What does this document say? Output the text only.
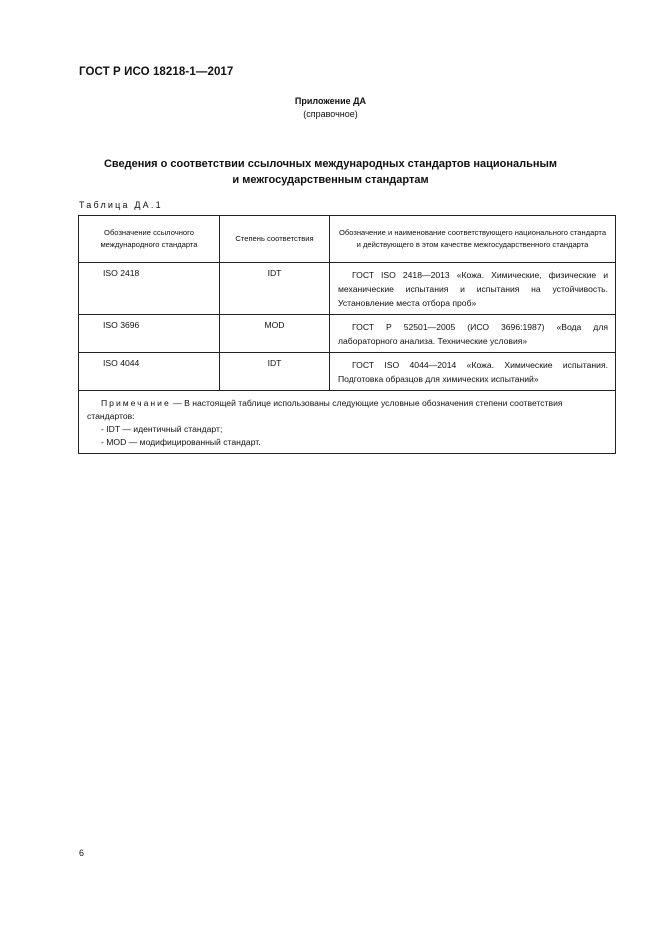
ГОСТ Р ИСО 18218-1—2017
Приложение ДА
(справочное)
Сведения о соответствии ссылочных международных стандартов национальным
и межгосударственным стандартам
Таблица ДА.1
Обозначение ссылочного международного стандарта	Степень соответствия	Обозначение и наименование соответствующего национального стандарта и действующего в этом качестве межгосударственного стандарта
ISO 2418	IDT	ГОСТ ISO 2418—2013 «Кожа. Химические, физические и механические испытания и испытания на устойчивость. Установление места отбора проб»

ISO 3696	MOD	ГОСТ Р 52501—2005 (ИСО 3696:1987) «Вода для лабораторного анализа. Технические условия»

ISO 4044	IDT	ГОСТ ISO 4044—2014 «Кожа. Химические испытания. Подготовка образцов для химических испытаний»

Примечание — В настоящей таблице использованы следующие условные обозначения степени соответствия стандартов:
- IDT — идентичный стандарт;
- MOD — модифицированный стандарт.		
6
